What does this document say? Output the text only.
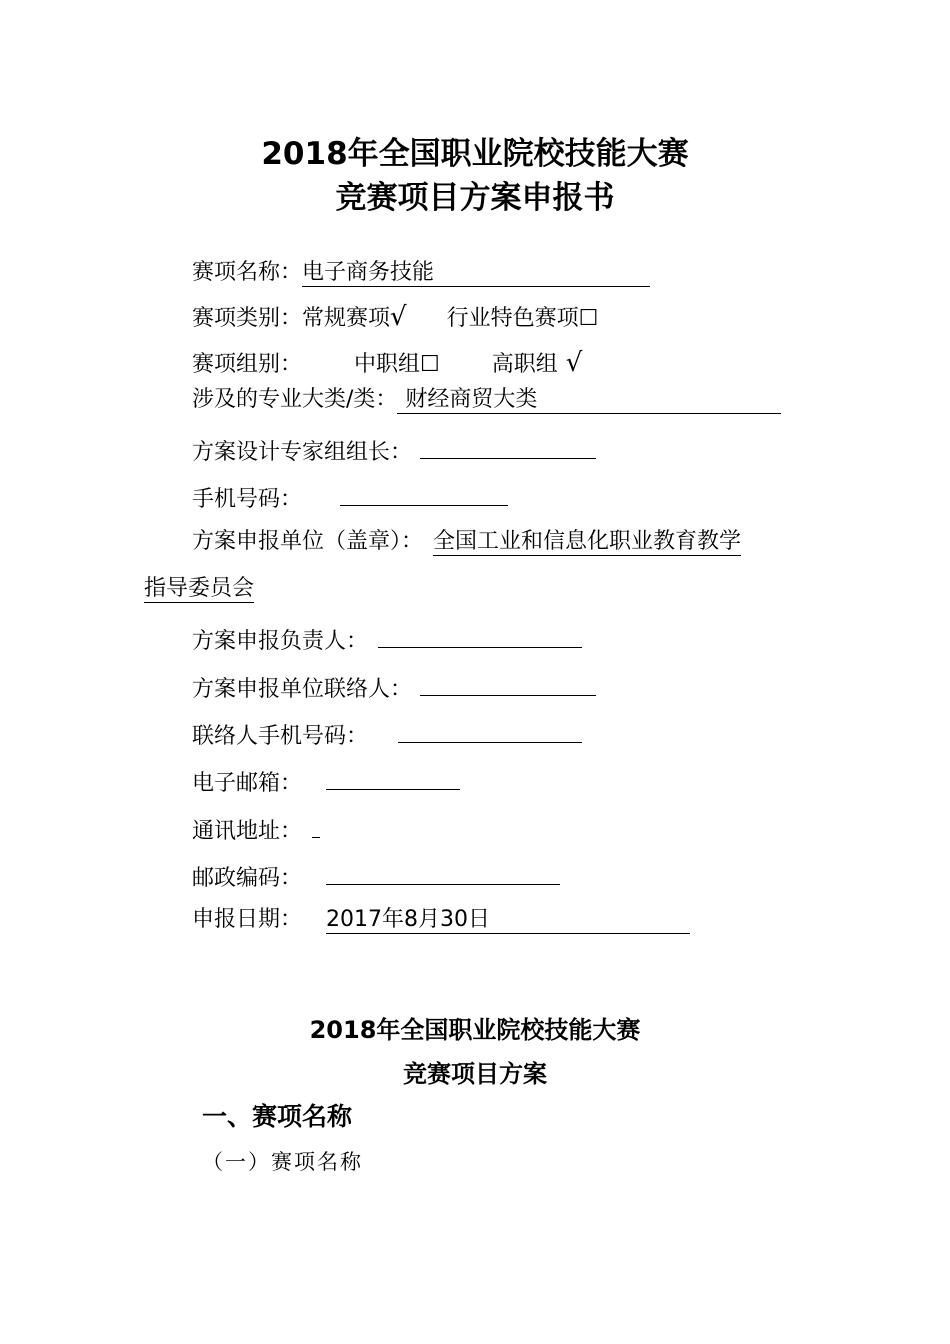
2018年全国职业院校技能大赛
竞赛项目方案申报书
赛项名称：电子商务技能
赛项类别：常规赛项√ 行业特色赛项☐
赛项组别： 中职组☐ 高职组 √
涉及的专业大类/类： 财经商贸大类
方案设计专家组组长：
手机号码：
方案申报单位（盖章）： 全国工业和信息化职业教育教学
指导委员会
方案申报负责人：
方案申报单位联络人：
联络人手机号码：
电子邮箱：
通讯地址：
邮政编码：
申报日期： 2017年8月30日
2018年全国职业院校技能大赛
竞赛项目方案
一、赛项名称
（一）赛项名称
